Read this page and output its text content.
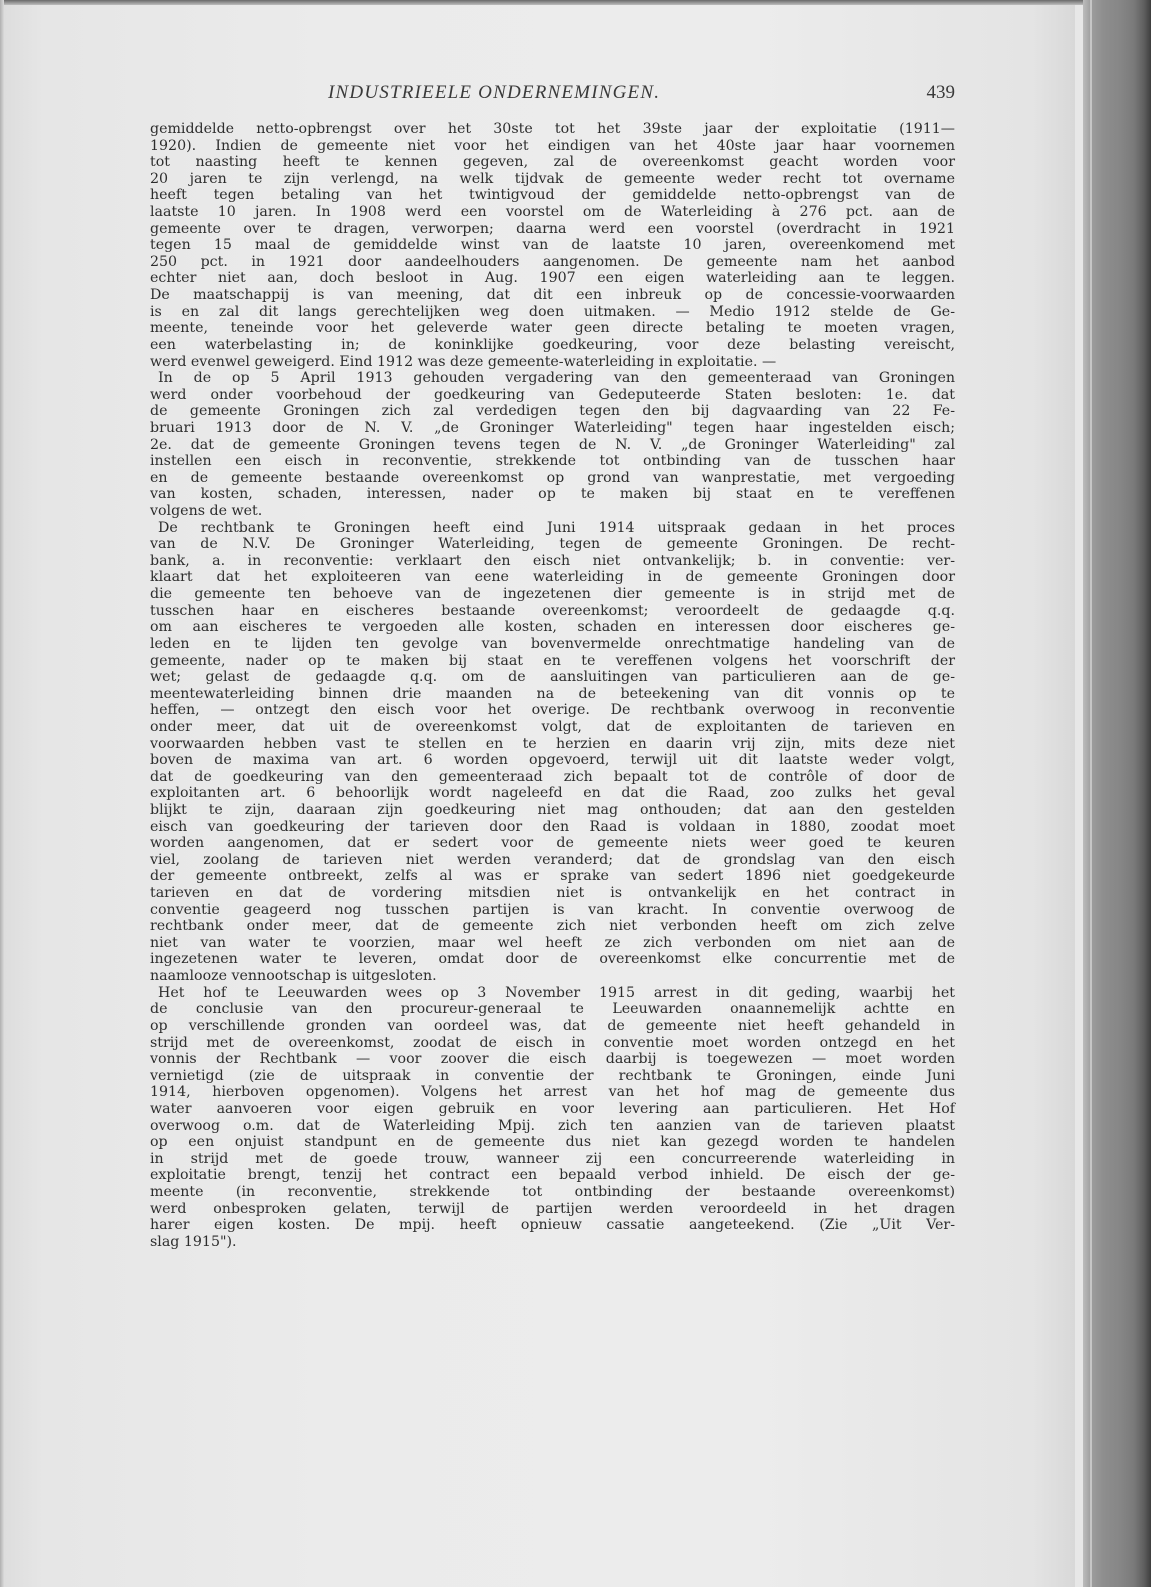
INDUSTRIEELE ONDERNEMINGEN.	439
gemiddelde netto-opbrengst over het 30ste tot het 39ste jaar der exploitatie (1911—
1920). Indien de gemeente niet voor het eindigen van het 40ste jaar haar voornemen
tot naasting heeft te kennen gegeven, zal de overeenkomst geacht worden voor
20 jaren te zijn verlengd, na welk tijdvak de gemeente weder recht tot overname
heeft tegen betaling van het twintigvoud der gemiddelde netto-opbrengst van de
laatste 10 jaren. In 1908 werd een voorstel om de Waterleiding à 276 pct. aan de
gemeente over te dragen, verworpen; daarna werd een voorstel (overdracht in 1921
tegen 15 maal de gemiddelde winst van de laatste 10 jaren, overeenkomend met
250 pct. in 1921 door aandeelhouders aangenomen. De gemeente nam het aanbod
echter niet aan, doch besloot in Aug. 1907 een eigen waterleiding aan te leggen.
De maatschappij is van meening, dat dit een inbreuk op de concessie-voorwaarden
is en zal dit langs gerechtelijken weg doen uitmaken. — Medio 1912 stelde de Ge-
meente, teneinde voor het geleverde water geen directe betaling te moeten vragen,
een waterbelasting in; de koninklijke goedkeuring, voor deze belasting vereischt,
werd evenwel geweigerd. Eind 1912 was deze gemeente-waterleiding in exploitatie. —
In de op 5 April 1913 gehouden vergadering van den gemeenteraad van Groningen
werd onder voorbehoud der goedkeuring van Gedeputeerde Staten besloten: 1e. dat
de gemeente Groningen zich zal verdedigen tegen den bij dagvaarding van 22 Fe-
bruari 1913 door de N. V. „de Groninger Waterleiding" tegen haar ingestelden eisch;
2e. dat de gemeente Groningen tevens tegen de N. V. „de Groninger Waterleiding" zal
instellen een eisch in reconventie, strekkende tot ontbinding van de tusschen haar
en de gemeente bestaande overeenkomst op grond van wanprestatie, met vergoeding
van kosten, schaden, interessen, nader op te maken bij staat en te vereffenen
volgens de wet.
De rechtbank te Groningen heeft eind Juni 1914 uitspraak gedaan in het proces
van de N.V. De Groninger Waterleiding, tegen de gemeente Groningen. De recht-
bank, a. in reconventie: verklaart den eisch niet ontvankelijk; b. in conventie: ver-
klaart dat het exploiteeren van eene waterleiding in de gemeente Groningen door
die gemeente ten behoeve van de ingezetenen dier gemeente is in strijd met de
tusschen haar en eischeres bestaande overeenkomst; veroordeelt de gedaagde q.q.
om aan eischeres te vergoeden alle kosten, schaden en interessen door eischeres ge-
leden en te lijden ten gevolge van bovenvermelde onrechtmatige handeling van de
gemeente, nader op te maken bij staat en te vereffenen volgens het voorschrift der
wet; gelast de gedaagde q.q. om de aansluitingen van particulieren aan de ge-
meentewaterleiding binnen drie maanden na de beteekening van dit vonnis op te
heffen, — ontzegt den eisch voor het overige. De rechtbank overwoog in reconventie
onder meer, dat uit de overeenkomst volgt, dat de exploitanten de tarieven en
voorwaarden hebben vast te stellen en te herzien en daarin vrij zijn, mits deze niet
boven de maxima van art. 6 worden opgevoerd, terwijl uit dit laatste weder volgt,
dat de goedkeuring van den gemeenteraad zich bepaalt tot de contrôle of door de
exploitanten art. 6 behoorlijk wordt nageleefd en dat die Raad, zoo zulks het geval
blijkt te zijn, daaraan zijn goedkeuring niet mag onthouden; dat aan den gestelden
eisch van goedkeuring der tarieven door den Raad is voldaan in 1880, zoodat moet
worden aangenomen, dat er sedert voor de gemeente niets weer goed te keuren
viel, zoolang de tarieven niet werden veranderd; dat de grondslag van den eisch
der gemeente ontbreekt, zelfs al was er sprake van sedert 1896 niet goedgekeurde
tarieven en dat de vordering mitsdien niet is ontvankelijk en het contract in
conventie geageerd nog tusschen partijen is van kracht. In conventie overwoog de
rechtbank onder meer, dat de gemeente zich niet verbonden heeft om zich zelve
niet van water te voorzien, maar wel heeft ze zich verbonden om niet aan de
ingezetenen water te leveren, omdat door de overeenkomst elke concurrentie met de
naamlooze vennootschap is uitgesloten.
Het hof te Leeuwarden wees op 3 November 1915 arrest in dit geding, waarbij het
de conclusie van den procureur-generaal te Leeuwarden onaannemelijk achtte en
op verschillende gronden van oordeel was, dat de gemeente niet heeft gehandeld in
strijd met de overeenkomst, zoodat de eisch in conventie moet worden ontzegd en het
vonnis der Rechtbank — voor zoover die eisch daarbij is toegewezen — moet worden
vernietigd (zie de uitspraak in conventie der rechtbank te Groningen, einde Juni
1914, hierboven opgenomen). Volgens het arrest van het hof mag de gemeente dus
water aanvoeren voor eigen gebruik en voor levering aan particulieren. Het Hof
overwoog o.m. dat de Waterleiding Mpij. zich ten aanzien van de tarieven plaatst
op een onjuist standpunt en de gemeente dus niet kan gezegd worden te handelen
in strijd met de goede trouw, wanneer zij een concurreerende waterleiding in
exploitatie brengt, tenzij het contract een bepaald verbod inhield. De eisch der ge-
meente (in reconventie, strekkende tot ontbinding der bestaande overeenkomst)
werd onbesproken gelaten, terwijl de partijen werden veroordeeld in het dragen
harer eigen kosten. De mpij. heeft opnieuw cassatie aangeteekend. (Zie „Uit Ver-
slag 1915").
